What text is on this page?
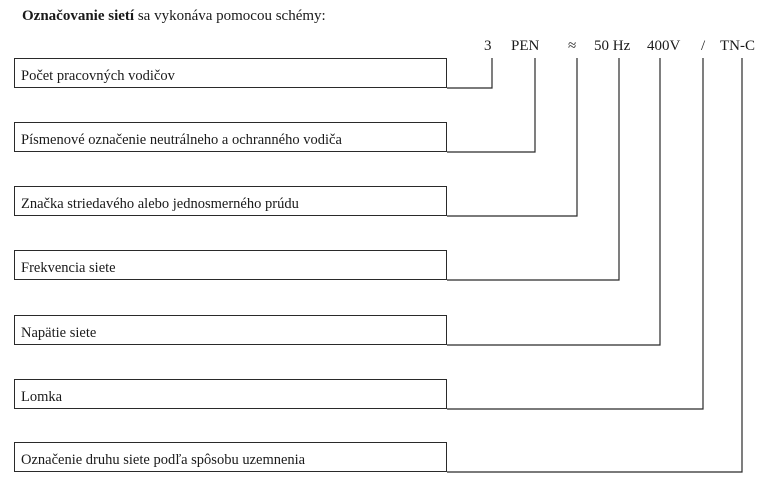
Označovanie sietí sa vykonáva pomocou schémy:
3 PEN ≈ 50 Hz 400V / TN-C
Počet pracovných vodičov
Písmenové označenie neutrálneho a ochranného vodiča
Značka striedavého alebo jednosmerného prúdu
Frekvencia siete
Napätie siete
Lomka
Označenie druhu siete podľa spôsobu uzemnenia
